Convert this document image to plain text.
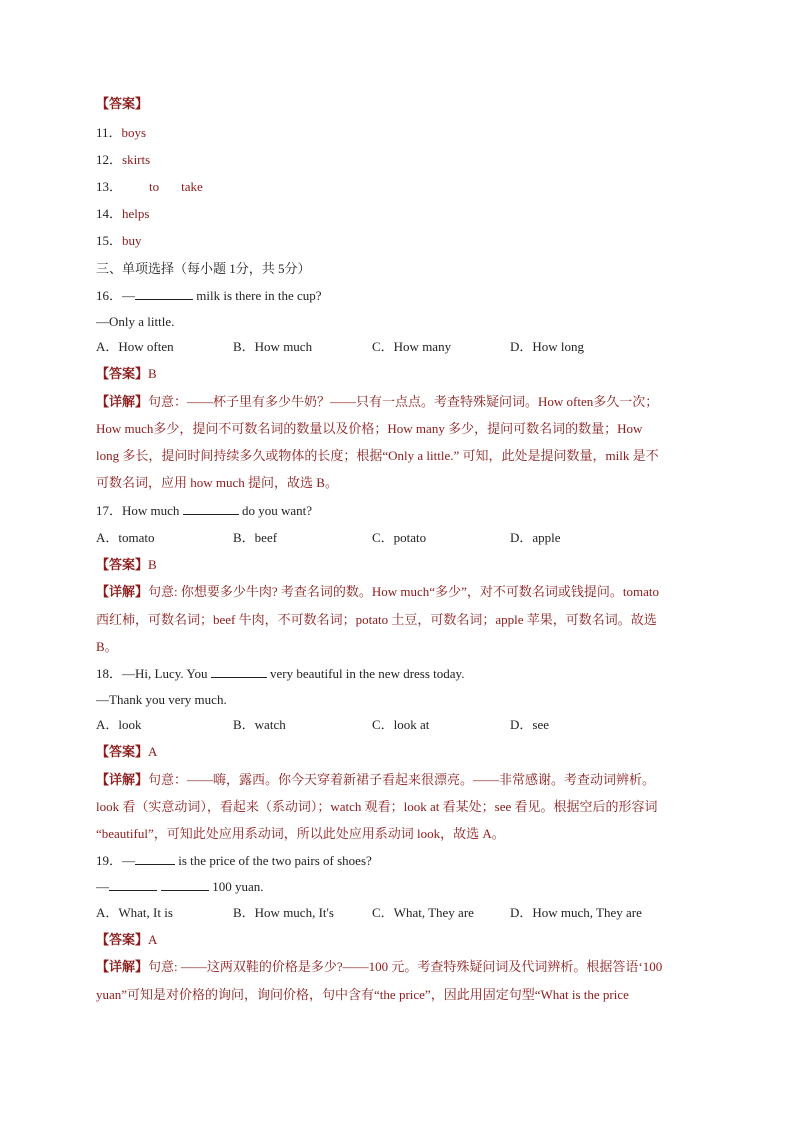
【答案】
11．boys
12．skirts
13． to take
14．helps
15．buy
三、单项选择（每小题 1分，共 5分）
16．—	milk is there in the cup?
—Only a little.
A．How often	B．How much	C．How many	D．How long
【答案】B
【详解】句意：——杯子里有多少牛奶？——只有一点点。考查特殊疑问词。How often多久一次；
How much多少，提问不可数名词的数量以及价格；How many 多少，提问可数名词的数量；How
long 多长，提问时间持续多久或物体的长度；根据“Only a little.” 可知，此处是提问数量，milk 是不
可数名词，应用 how much 提问，故选 B。
17．How much	do you want?
A．tomato	B．beef	C．potato	D．apple
【答案】B
【详解】句意: 你想要多少牛肉? 考查名词的数。How much“多少”，对不可数名词或钱提问。tomato
西红柿，可数名词；beef 牛肉，不可数名词；potato 土豆，可数名词；apple 苹果，可数名词。故选
B。
18．—Hi, Lucy. You	very beautiful in the new dress today.
—Thank you very much.
A．look	B．watch	C．look at	D．see
【答案】A
【详解】句意：——嗨，露西。你今天穿着新裙子看起来很漂亮。——非常感谢。考查动词辨析。
look 看（实意动词），看起来（系动词）；watch 观看；look at 看某处；see 看见。根据空后的形容词
“beautiful”，可知此处应用系动词，所以此处应用系动词 look，故选 A。
19．—	is the price of the two pairs of shoes?
—	100 yuan.
A．What, It is	B．How much, It's	C．What, They are	D．How much, They are
【答案】A
【详解】句意: ——这两双鞋的价格是多少?——100 元。考查特殊疑问词及代词辨析。根据答语‘100
yuan”可知是对价格的询问，询问价格，句中含有“the price”，因此用固定句型“What is the price
